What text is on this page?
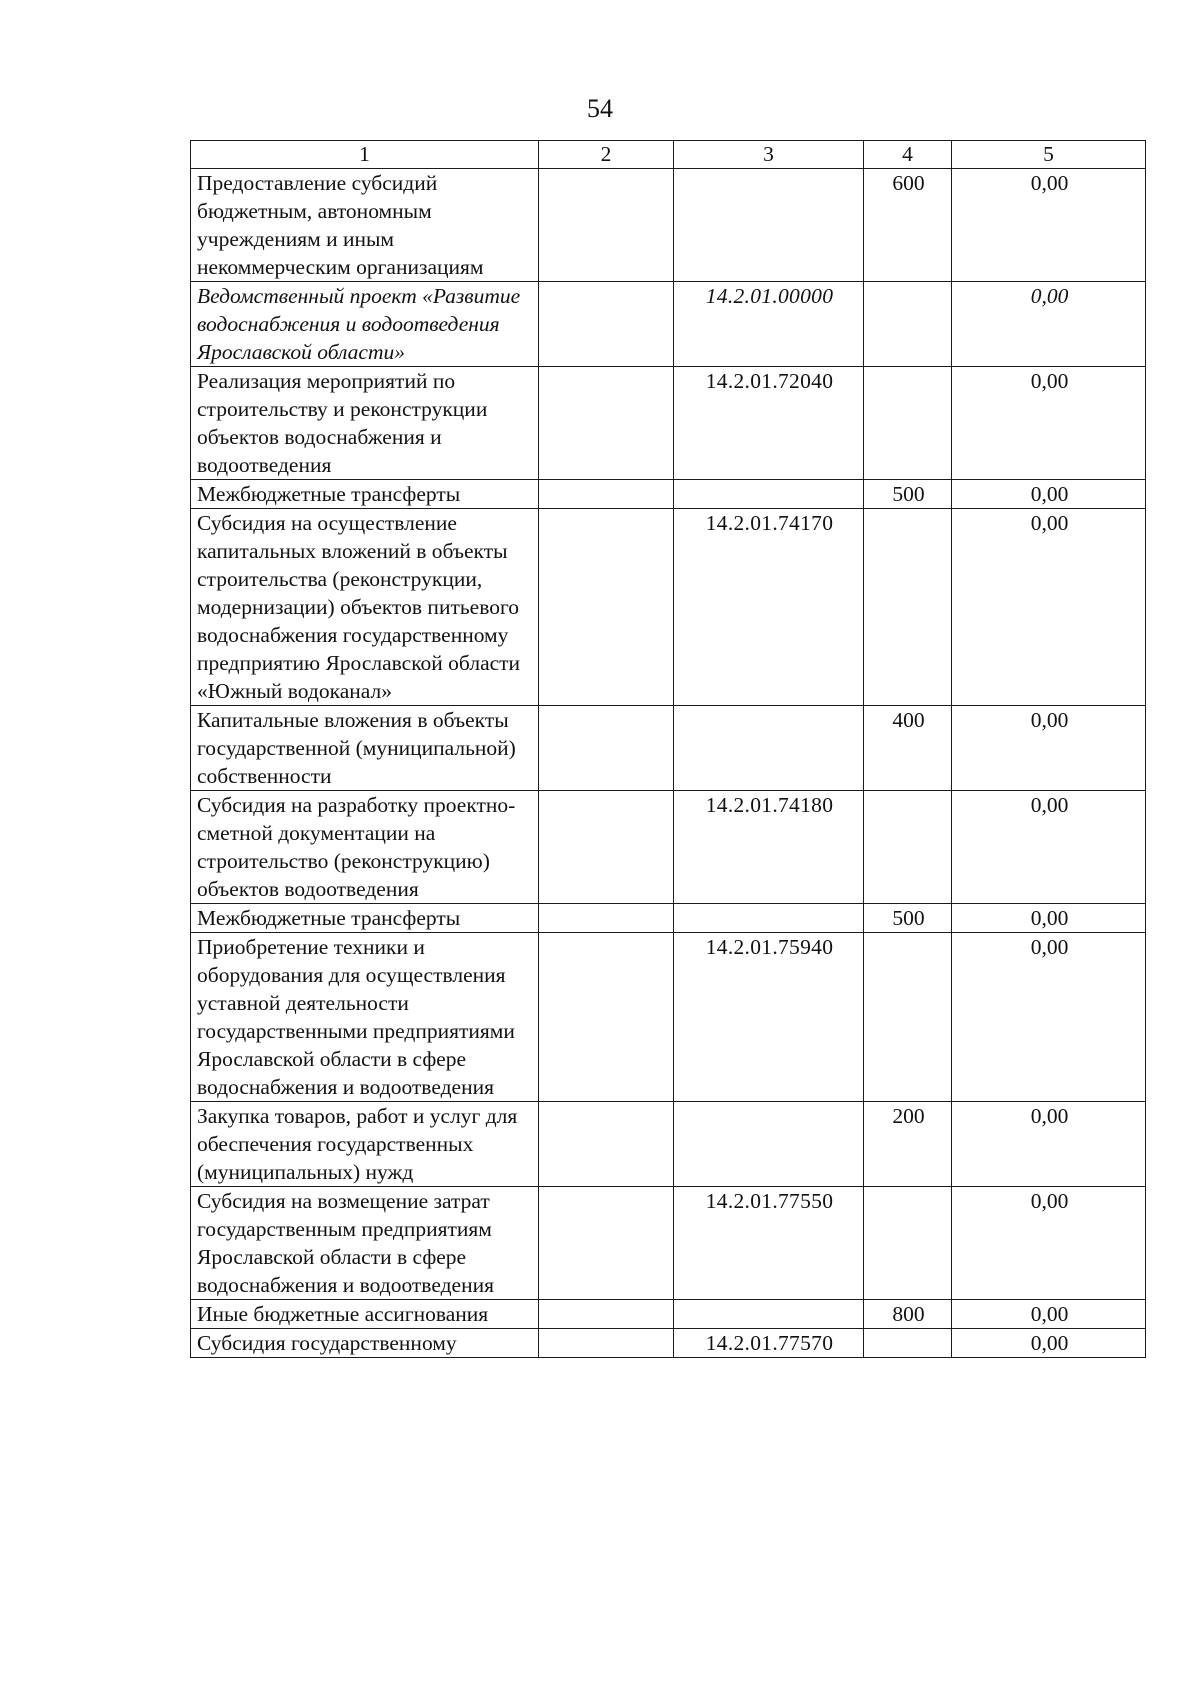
54
1	2	3	4	5
Предоставление субсидий бюджетным, автономным учреждениям и иным некоммерческим организациям			600	0,00
Ведомственный проект «Развитие водоснабжения и водоотведения Ярославской области»		14.2.01.00000		0,00
Реализация мероприятий по строительству и реконструкции объектов водоснабжения и водоотведения		14.2.01.72040		0,00
Межбюджетные трансферты			500	0,00
Субсидия на осуществление капитальных вложений в объекты строительства (реконструкции, модернизации) объектов питьевого водоснабжения государственному предприятию Ярославской области «Южный водоканал»		14.2.01.74170		0,00
Капитальные вложения в объекты государственной (муниципальной) собственности			400	0,00
Субсидия на разработку проектно-сметной документации на строительство (реконструкцию) объектов водоотведения		14.2.01.74180		0,00
Межбюджетные трансферты			500	0,00
Приобретение техники и оборудования для осуществления уставной деятельности государственными предприятиями Ярославской области в сфере водоснабжения и водоотведения		14.2.01.75940		0,00
Закупка товаров, работ и услуг для обеспечения государственных (муниципальных) нужд			200	0,00
Субсидия на возмещение затрат государственным предприятиям Ярославской области в сфере водоснабжения и водоотведения		14.2.01.77550		0,00
Иные бюджетные ассигнования			800	0,00
Субсидия государственному		14.2.01.77570		0,00
